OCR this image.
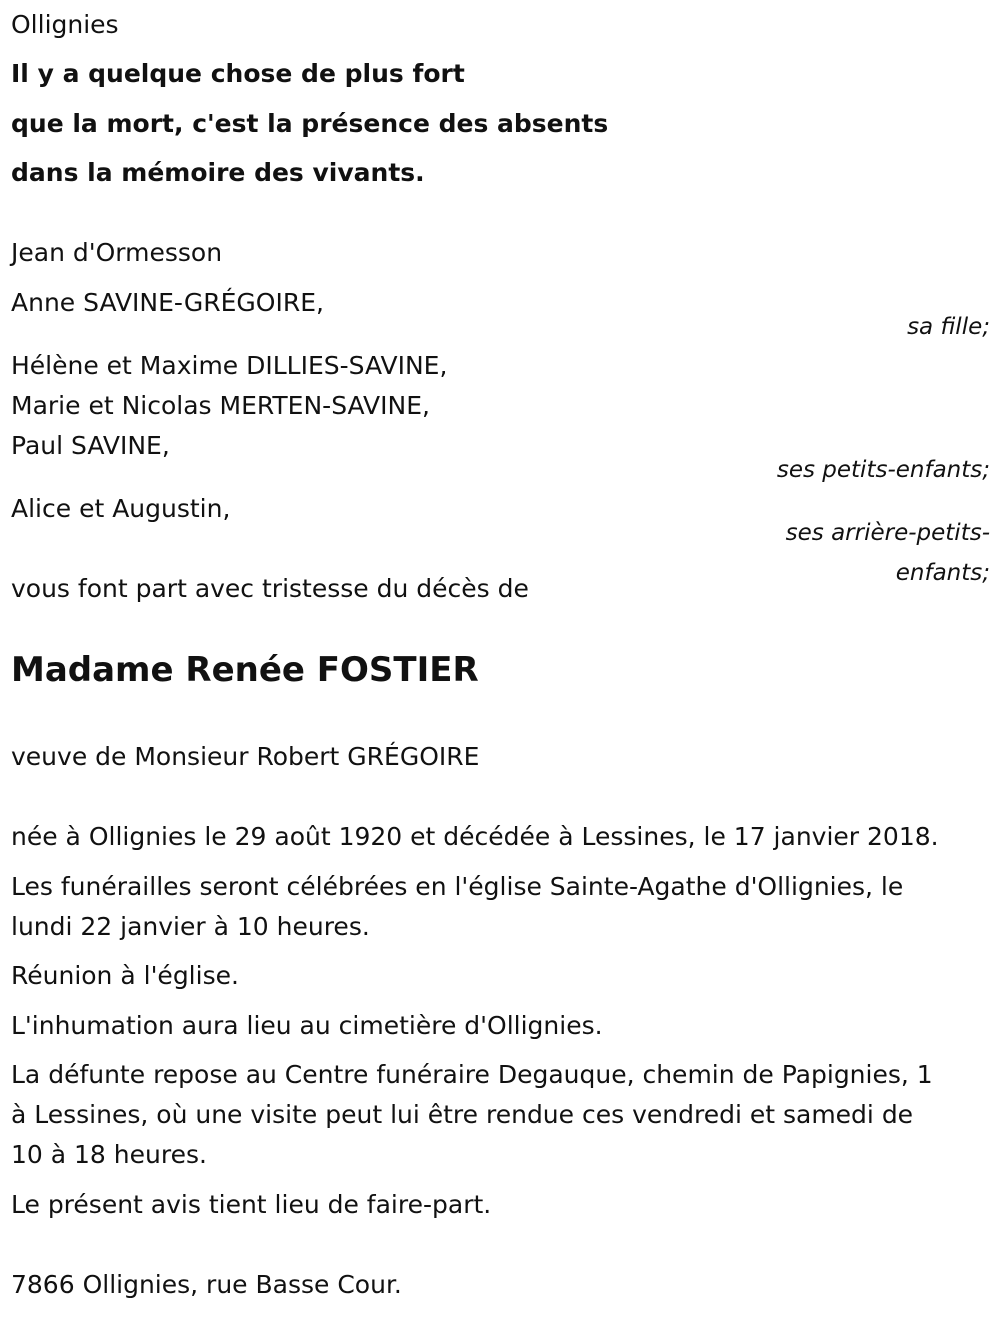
Ollignies
Il y a quelque chose de plus fort
que la mort, c'est la présence des absents
dans la mémoire des vivants.
Jean d'Ormesson
Anne SAVINE-GRÉGOIRE,
sa fille;
Hélène et Maxime DILLIES-SAVINE,
Marie et Nicolas MERTEN-SAVINE,
Paul SAVINE,
ses petits-enfants;
Alice et Augustin,
ses arrière-petits-
enfants;
vous font part avec tristesse du décès de
Madame Renée FOSTIER
veuve de Monsieur Robert GRÉGOIRE
née à Ollignies le 29 août 1920 et décédée à Lessines, le 17 janvier 2018.
Les funérailles seront célébrées en l'église Sainte-Agathe d'Ollignies, le
lundi 22 janvier à 10 heures.
Réunion à l'église.
L'inhumation aura lieu au cimetière d'Ollignies.
La défunte repose au Centre funéraire Degauque, chemin de Papignies, 1
à Lessines, où une visite peut lui être rendue ces vendredi et samedi de
10 à 18 heures.
Le présent avis tient lieu de faire-part.
7866 Ollignies, rue Basse Cour.
